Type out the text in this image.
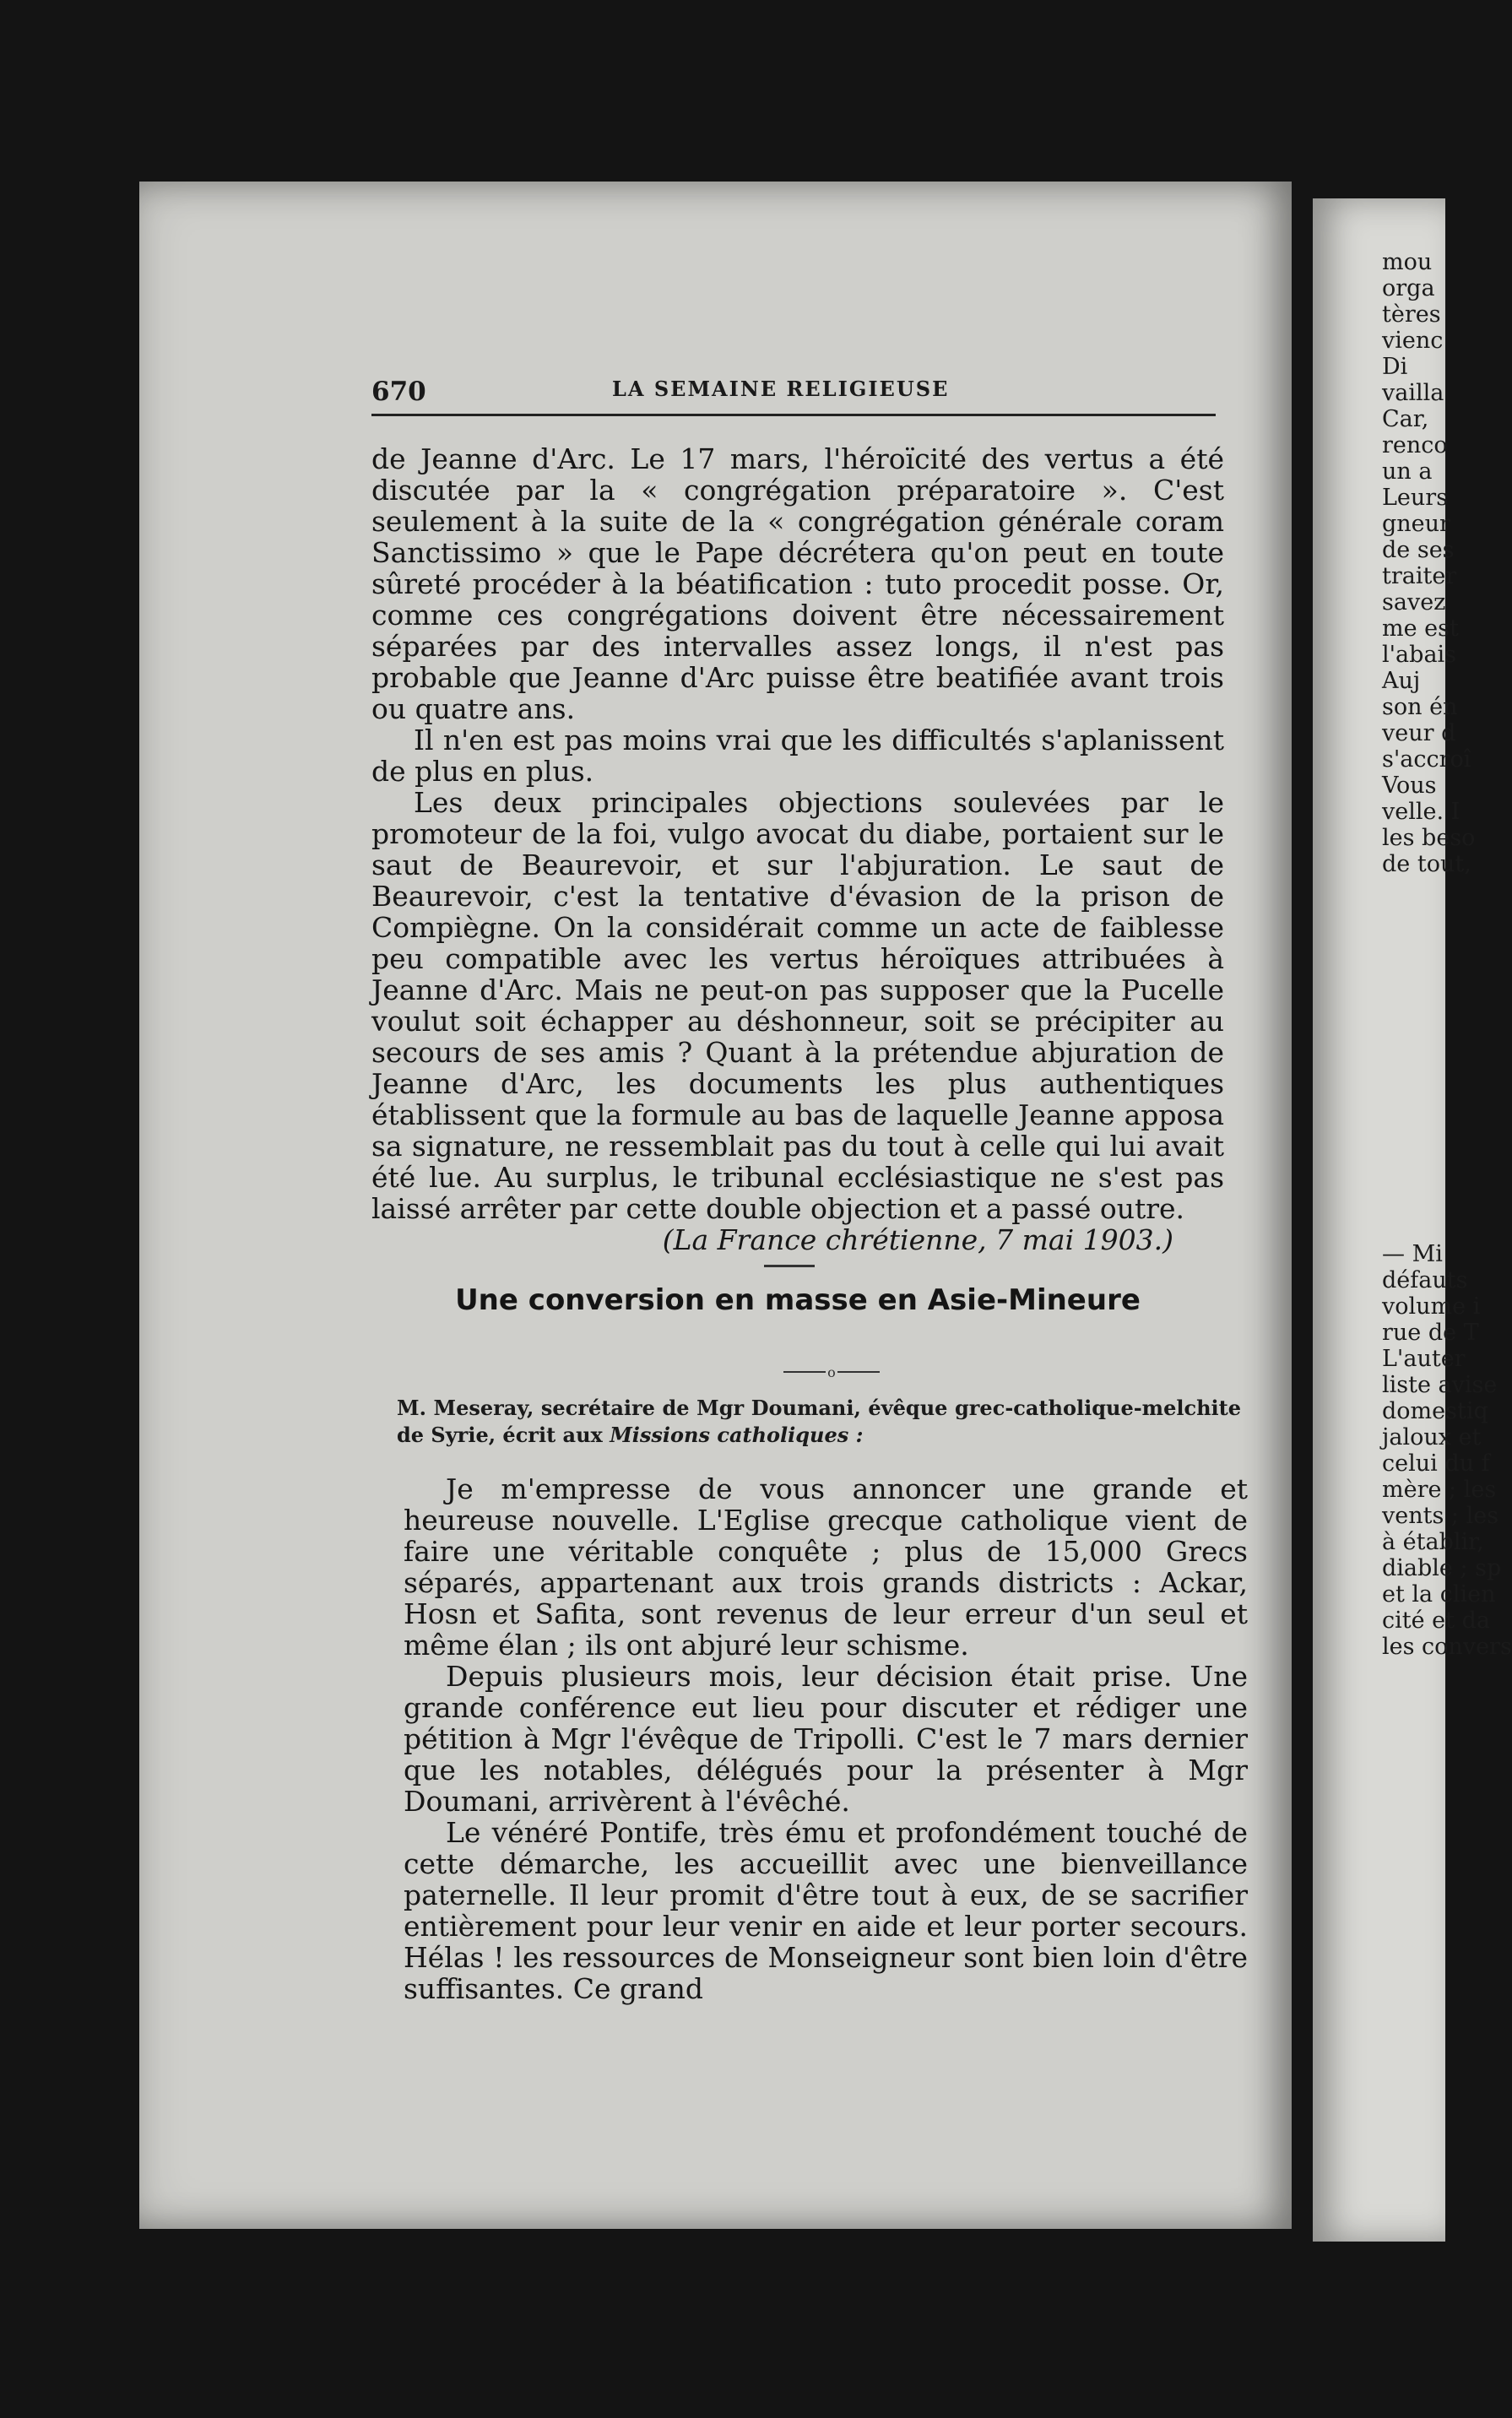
mou
orga
tères
vienc
Di
vailla
Car,
renco
un a
Leurs
gneur
de ses
traiter
savez
me est
l'abais
Auj
son én
veur d
s'accroî
Vous
velle. I
les beso
de tout,
— Mi
défauts
volume i
rue de T
L'auter
liste avise
domestiq
jaloux et
celui du f
mère ; les
vents ; les
à établir,
diable ; sp
et la clien
cité et da
les convers
670	LA SEMAINE RELIGIEUSE

de Jeanne d'Arc. Le 17 mars, l'héroïcité des vertus a été discutée par la « congrégation préparatoire ». C'est seulement à la suite de la « congrégation générale coram Sanctissimo » que le Pape décrétera qu'on peut en toute sûreté procéder à la béatification : tuto procedit posse. Or, comme ces congrégations doivent être nécessairement séparées par des intervalles assez longs, il n'est pas probable que Jeanne d'Arc puisse être beatifiée avant trois ou quatre ans.

Il n'en est pas moins vrai que les difficultés s'aplanissent de plus en plus.

Les deux principales objections soulevées par le promoteur de la foi, vulgo avocat du diabe, portaient sur le saut de Beaurevoir, et sur l'abjuration. Le saut de Beaurevoir, c'est la tentative d'évasion de la prison de Compiègne. On la considérait comme un acte de faiblesse peu compatible avec les vertus héroïques attribuées à Jeanne d'Arc. Mais ne peut-on pas supposer que la Pucelle voulut soit échapper au déshonneur, soit se précipiter au secours de ses amis ? Quant à la prétendue abjuration de Jeanne d'Arc, les documents les plus authentiques établissent que la formule au bas de laquelle Jeanne apposa sa signature, ne ressemblait pas du tout à celle qui lui avait été lue. Au surplus, le tribunal ecclésiastique ne s'est pas laissé arrêter par cette double objection et a passé outre.

(La France chrétienne, 7 mai 1903.)

Une conversion en masse en Asie-Mineure
o
M. Meseray, secrétaire de Mgr Doumani, évêque grec-catholique-melchite de Syrie, écrit aux Missions catholiques :

Je m'empresse de vous annoncer une grande et heureuse nouvelle. L'Eglise grecque catholique vient de faire une véritable conquête ; plus de 15,000 Grecs séparés, appartenant aux trois grands districts : Ackar, Hosn et Safita, sont revenus de leur erreur d'un seul et même élan ; ils ont abjuré leur schisme.

Depuis plusieurs mois, leur décision était prise. Une grande conférence eut lieu pour discuter et rédiger une pétition à Mgr l'évêque de Tripolli. C'est le 7 mars dernier que les notables, délégués pour la présenter à Mgr Doumani, arrivèrent à l'évêché.

Le vénéré Pontife, très ému et profondément touché de cette démarche, les accueillit avec une bienveillance paternelle. Il leur promit d'être tout à eux, de se sacrifier entièrement pour leur venir en aide et leur porter secours. Hélas ! les ressources de Monseigneur sont bien loin d'être suffisantes. Ce grand
